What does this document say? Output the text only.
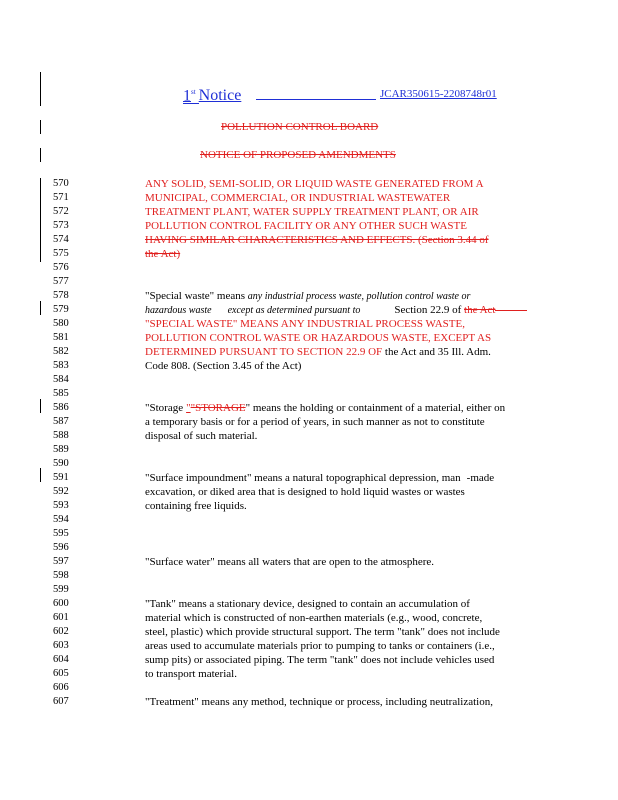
1st Notice	JCAR350615-2208748r01
POLLUTION CONTROL BOARD
NOTICE OF PROPOSED AMENDMENTS
570
571
572
573
574
575
576
577
578
579
580
581
582
583
584
585
586
587
588
589
590
591
592
593
594
595
596
597
598
599
600
601
602
603
604
605
606
607
ANY SOLID, SEMI-SOLID, OR LIQUID WASTE GENERATED FROM A
MUNICIPAL, COMMERCIAL, OR INDUSTRIAL WASTEWATER
TREATMENT PLANT, WATER SUPPLY TREATMENT PLANT, OR AIR
POLLUTION CONTROL FACILITY OR ANY OTHER SUCH WASTE
HAVING SIMILAR CHARACTERISTICS AND EFFECTS. (Section 3.44 of
the Act)
"Special waste" means any industrial process waste, pollution control waste or
hazardous waste except as determined pursuant to	Section 22.9 of the Act
"SPECIAL WASTE" MEANS ANY INDUSTRIAL PROCESS WASTE,
POLLUTION CONTROL WASTE OR HAZARDOUS WASTE, EXCEPT AS
DETERMINED PURSUANT TO SECTION 22.9 OF the Act and 35 Ill. Adm.
Code 808. (Section 3.45 of the Act)
"Storage ""STORAGE" means the holding or containment of a material, either on
a temporary basis or for a period of years, in such manner as not to constitute
disposal of such material.
"Surface impoundment" means a natural topographical depression, man -made
excavation, or diked area that is designed to hold liquid wastes or wastes
containing free liquids.
"Surface water" means all waters that are open to the atmosphere.
"Tank" means a stationary device, designed to contain an accumulation of
material which is constructed of non-earthen materials (e.g., wood, concrete,
steel, plastic) which provide structural support. The term "tank" does not include
areas used to accumulate materials prior to pumping to tanks or containers (i.e.,
sump pits) or associated piping. The term "tank" does not include vehicles used
to transport material.
"Treatment" means any method, technique or process, including neutralization,
